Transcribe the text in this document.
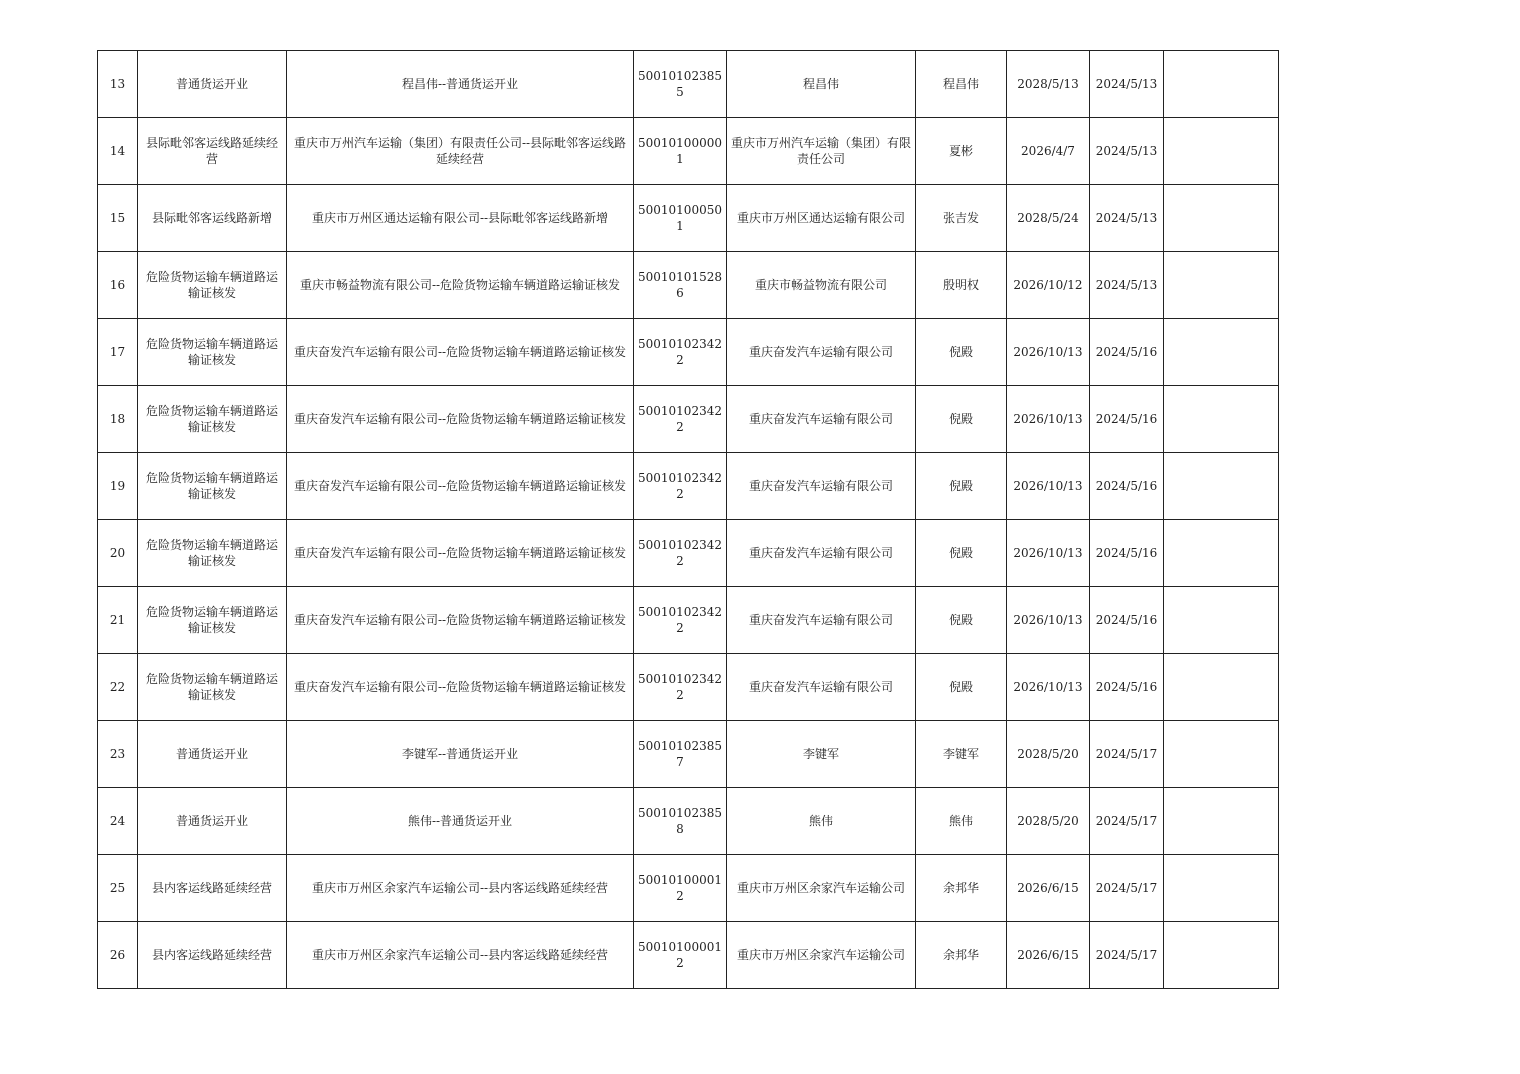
13	普通货运开业	程昌伟--普通货运开业	500101023855	程昌伟	程昌伟	2028/5/13	2024/5/13	
14	县际毗邻客运线路延续经营	重庆市万州汽车运输（集团）有限责任公司--县际毗邻客运线路延续经营	500101000001	重庆市万州汽车运输（集团）有限责任公司	夏彬	2026/4/7	2024/5/13	
15	县际毗邻客运线路新增	重庆市万州区通达运输有限公司--县际毗邻客运线路新增	500101000501	重庆市万州区通达运输有限公司	张吉发	2028/5/24	2024/5/13	
16	危险货物运输车辆道路运输证核发	重庆市畅益物流有限公司--危险货物运输车辆道路运输证核发	500101015286	重庆市畅益物流有限公司	殷明权	2026/10/12	2024/5/13	
17	危险货物运输车辆道路运输证核发	重庆奋发汽车运输有限公司--危险货物运输车辆道路运输证核发	500101023422	重庆奋发汽车运输有限公司	倪殿	2026/10/13	2024/5/16	
18	危险货物运输车辆道路运输证核发	重庆奋发汽车运输有限公司--危险货物运输车辆道路运输证核发	500101023422	重庆奋发汽车运输有限公司	倪殿	2026/10/13	2024/5/16	
19	危险货物运输车辆道路运输证核发	重庆奋发汽车运输有限公司--危险货物运输车辆道路运输证核发	500101023422	重庆奋发汽车运输有限公司	倪殿	2026/10/13	2024/5/16	
20	危险货物运输车辆道路运输证核发	重庆奋发汽车运输有限公司--危险货物运输车辆道路运输证核发	500101023422	重庆奋发汽车运输有限公司	倪殿	2026/10/13	2024/5/16	
21	危险货物运输车辆道路运输证核发	重庆奋发汽车运输有限公司--危险货物运输车辆道路运输证核发	500101023422	重庆奋发汽车运输有限公司	倪殿	2026/10/13	2024/5/16	
22	危险货物运输车辆道路运输证核发	重庆奋发汽车运输有限公司--危险货物运输车辆道路运输证核发	500101023422	重庆奋发汽车运输有限公司	倪殿	2026/10/13	2024/5/16	
23	普通货运开业	李键军--普通货运开业	500101023857	李键军	李键军	2028/5/20	2024/5/17	
24	普通货运开业	熊伟--普通货运开业	500101023858	熊伟	熊伟	2028/5/20	2024/5/17	
25	县内客运线路延续经营	重庆市万州区余家汽车运输公司--县内客运线路延续经营	500101000012	重庆市万州区余家汽车运输公司	余邦华	2026/6/15	2024/5/17	
26	县内客运线路延续经营	重庆市万州区余家汽车运输公司--县内客运线路延续经营	500101000012	重庆市万州区余家汽车运输公司	余邦华	2026/6/15	2024/5/17	
